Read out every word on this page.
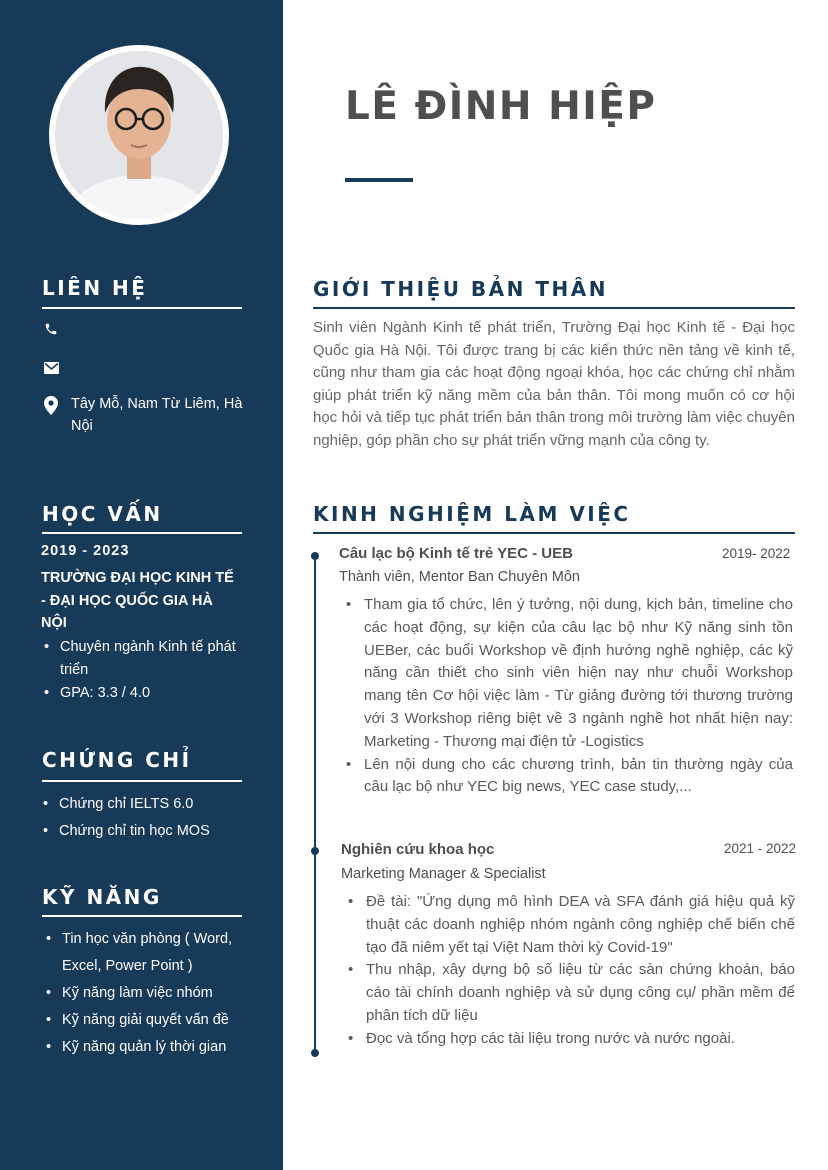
LIÊN HỆ
Tây Mỗ, Nam Từ Liêm, Hà Nội
HỌC VẤN
2019 - 2023
TRƯỜNG ĐẠI HỌC KINH TẾ - ĐẠI HỌC QUỐC GIA HÀ NỘI
• Chuyên ngành Kinh tế phát triển
• GPA: 3.3 / 4.0
CHỨNG CHỈ
• Chứng chỉ IELTS 6.0
• Chứng chỉ tin học MOS
KỸ NĂNG
• Tin học văn phòng ( Word, Excel, Power Point )
• Kỹ năng làm việc nhóm
• Kỹ năng giải quyết vấn đề
• Kỹ năng quản lý thời gian
LÊ ĐÌNH HIỆP
GIỚI THIỆU BẢN THÂN
Sinh viên Ngành Kinh tế phát triển, Trường Đại học Kinh tế - Đại học Quốc gia Hà Nội. Tôi được trang bị các kiến thức nền tảng về kinh tế, cũng như tham gia các hoạt động ngoại khóa, học các chứng chỉ nhằm giúp phát triển kỹ năng mềm của bản thân. Tôi mong muốn có cơ hội học hỏi và tiếp tục phát triển bản thân trong môi trường làm việc chuyên nghiệp, góp phần cho sự phát triển vững mạnh của công ty.
KINH NGHIỆM LÀM VIỆC
Câu lạc bộ Kinh tế trẻ YEC - UEB	2019- 2022
Thành viên, Mentor Ban Chuyên Môn
• Tham gia tổ chức, lên ý tưởng, nội dung, kịch bản, timeline cho các hoạt động, sự kiện của câu lạc bộ như Kỹ năng sinh tồn UEBer, các buổi Workshop về định hướng nghề nghiệp, các kỹ năng cần thiết cho sinh viên hiện nay như chuỗi Workshop mang tên Cơ hội việc làm - Từ giảng đường tới thương trường với 3 Workshop riêng biệt về 3 ngành nghề hot nhất hiện nay: Marketing - Thương mại điện tử -Logistics
• Lên nội dung cho các chương trình, bản tin thường ngày của câu lạc bộ như YEC big news, YEC case study,...
Nghiên cứu khoa học	2021 - 2022
Marketing Manager & Specialist
• Đề tài: "Ứng dụng mô hình DEA và SFA đánh giá hiệu quả kỹ thuật các doanh nghiệp nhóm ngành công nghiệp chế biến chế tạo đã niêm yết tại Việt Nam thời kỳ Covid-19"
• Thu nhập, xây dựng bộ số liệu từ các sàn chứng khoán, báo cáo tài chính doanh nghiệp và sử dụng công cụ/ phần mềm để phân tích dữ liệu
• Đọc và tổng hợp các tài liệu trong nước và nước ngoài.
